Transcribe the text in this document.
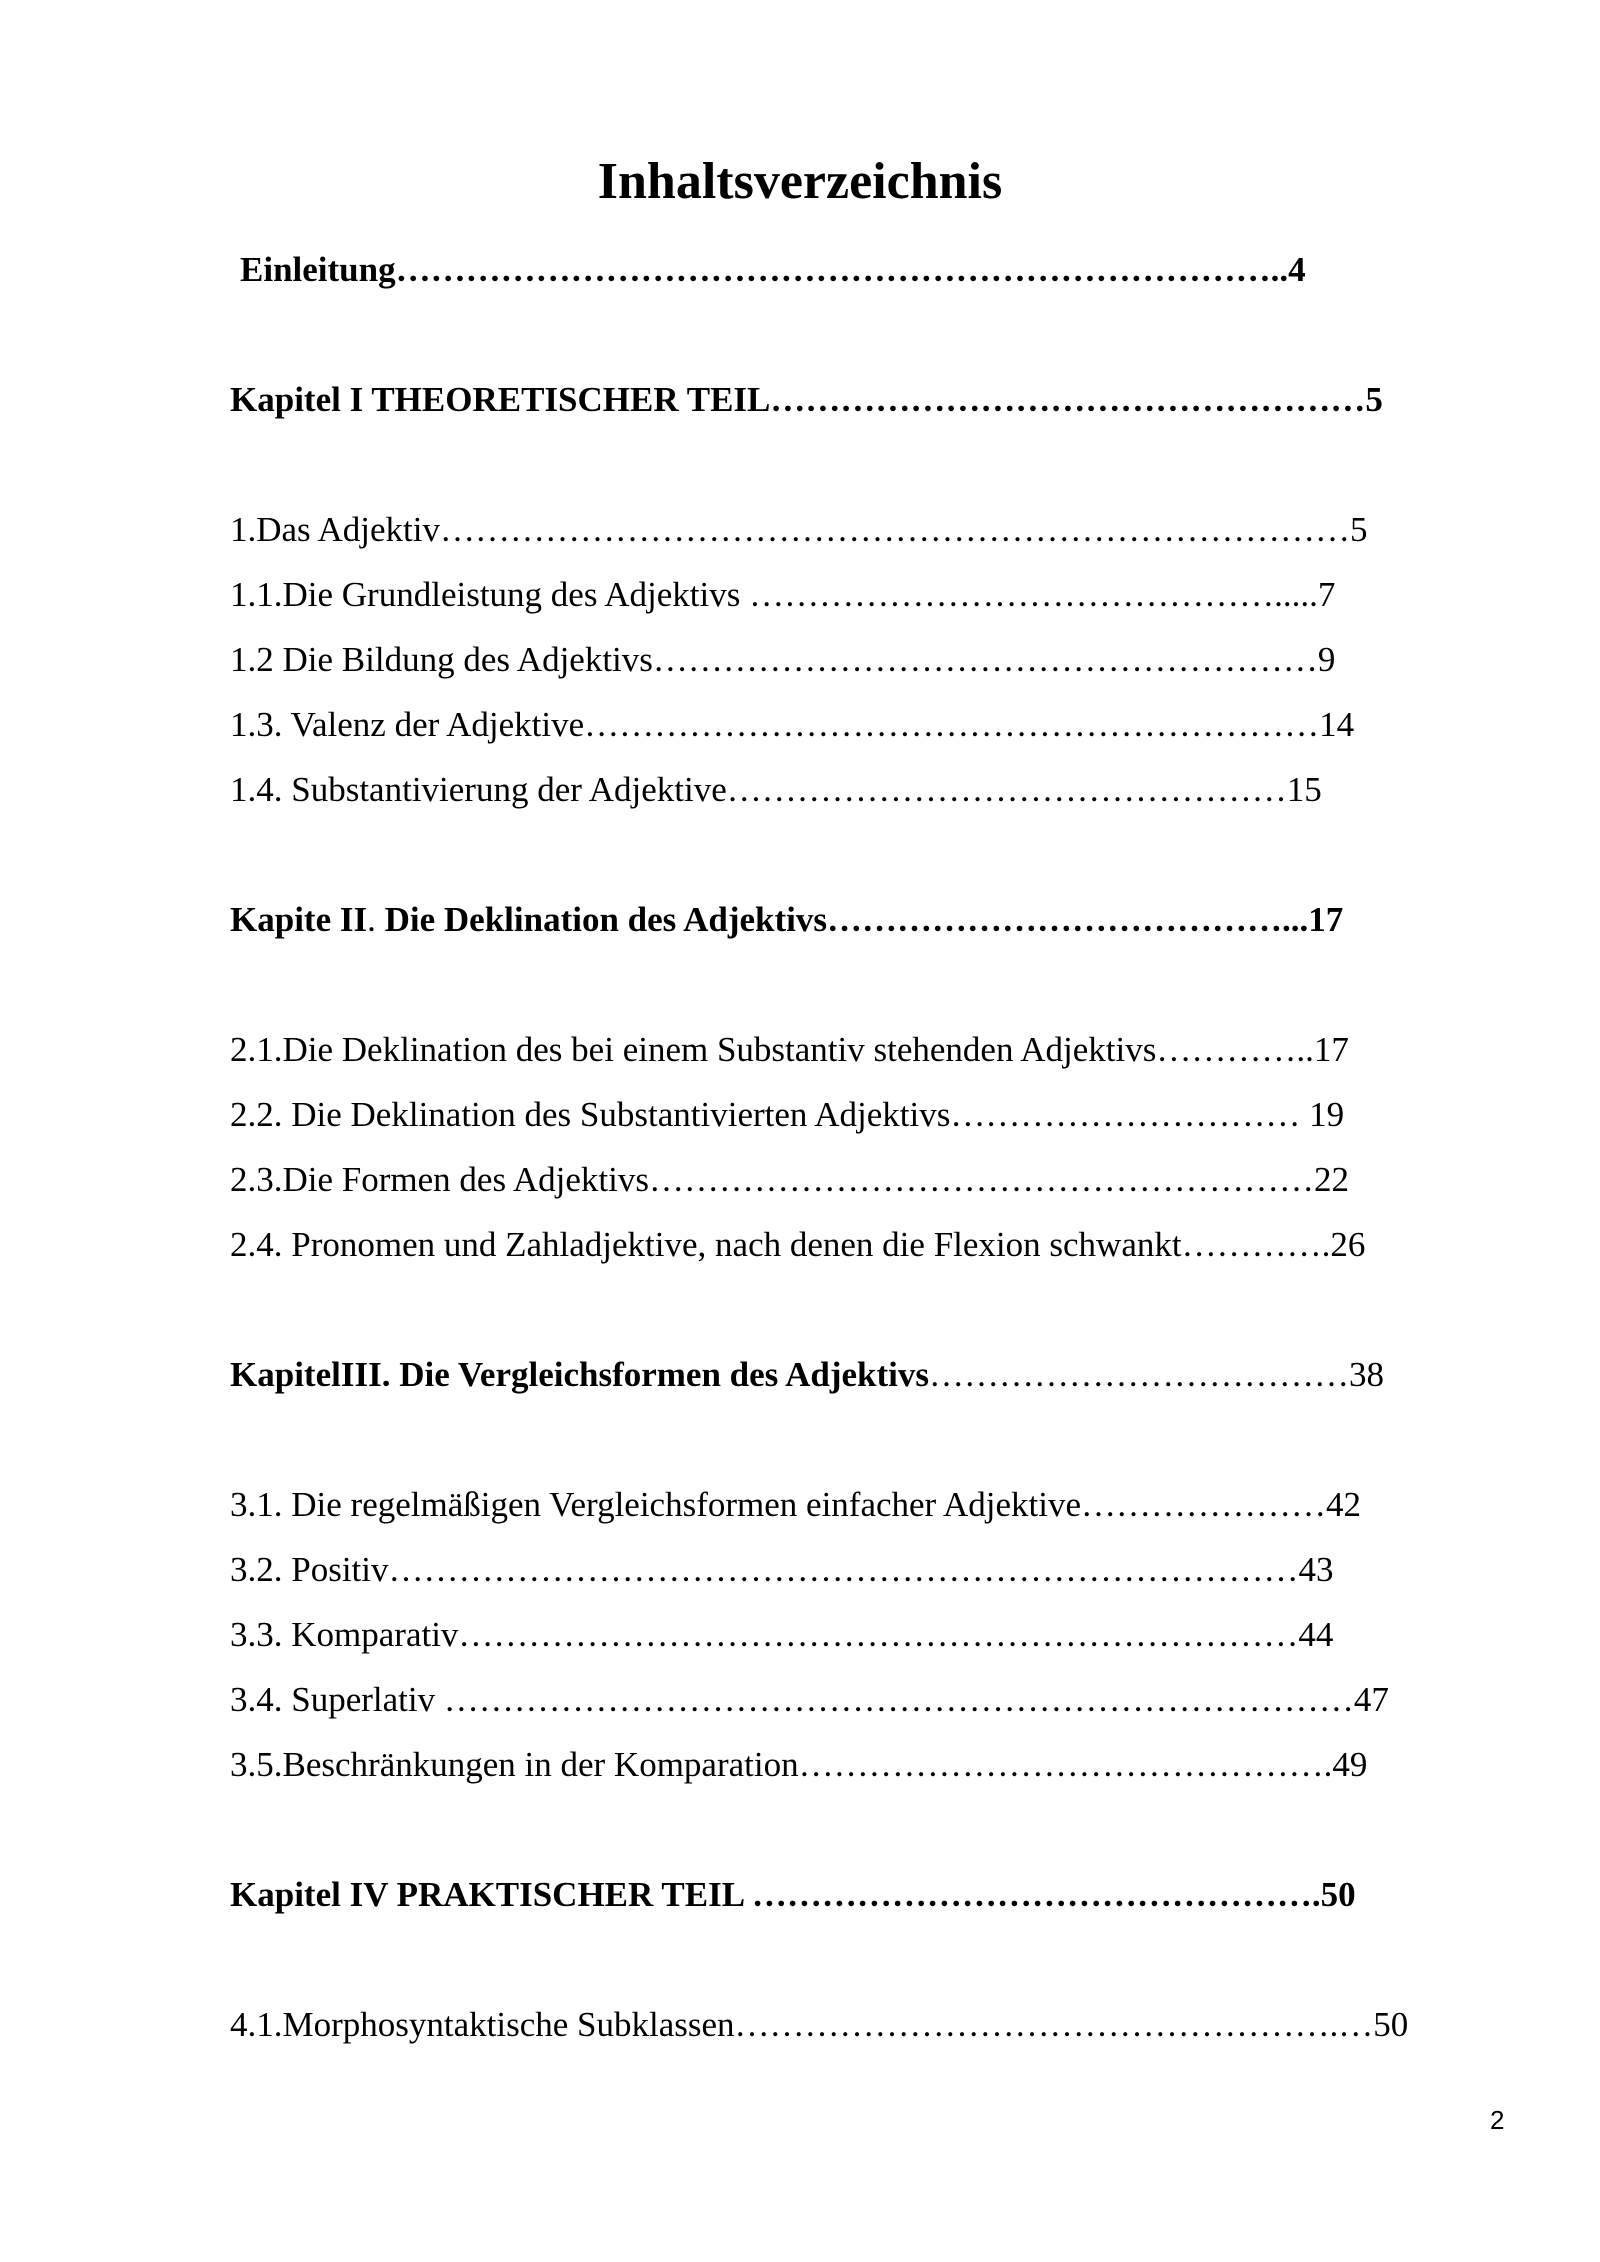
Inhaltsverzeichnis
Einleitung…………………………………………………………………..4
Kapitel I THEORETISCHER TEIL……………………………………………5
1.Das Adjektiv……………………………………………………………………5
1.1.Die Grundleistung des Adjektivs ……………………………………….....7
1.2 Die Bildung des Adjektivs…………………………………………………9
1.3. Valenz der Adjektive………………………………………………………14
1.4. Substantivierung der Adjektive…………………………………………15
Kapite II. Die Deklination des Adjektivs…………………………………...17
2.1.Die Deklination des bei einem Substantiv stehenden Adjektivs…………..17
2.2. Die Deklination des Substantivierten Adjektivs………………………… 19
2.3.Die Formen des Adjektivs…………………………………………………22
2.4. Pronomen und Zahladjektive, nach denen die Flexion schwankt………….26
KapitelIII. Die Vergleichsformen des Adjektivs………………………………38
3.1. Die regelmäßigen Vergleichsformen einfacher Adjektive…………………42
3.2. Positiv……………………………………………………………………43
3.3. Komparativ………………………………………………………………44
3.4. Superlativ ……………………………………………………………………47
3.5.Beschränkungen in der Komparation……………………………………….49
Kapitel IV PRAKTISCHER TEIL ………………………………………….50
4.1.Morphosyntaktische Subklassen…………………………………………….…50
2
